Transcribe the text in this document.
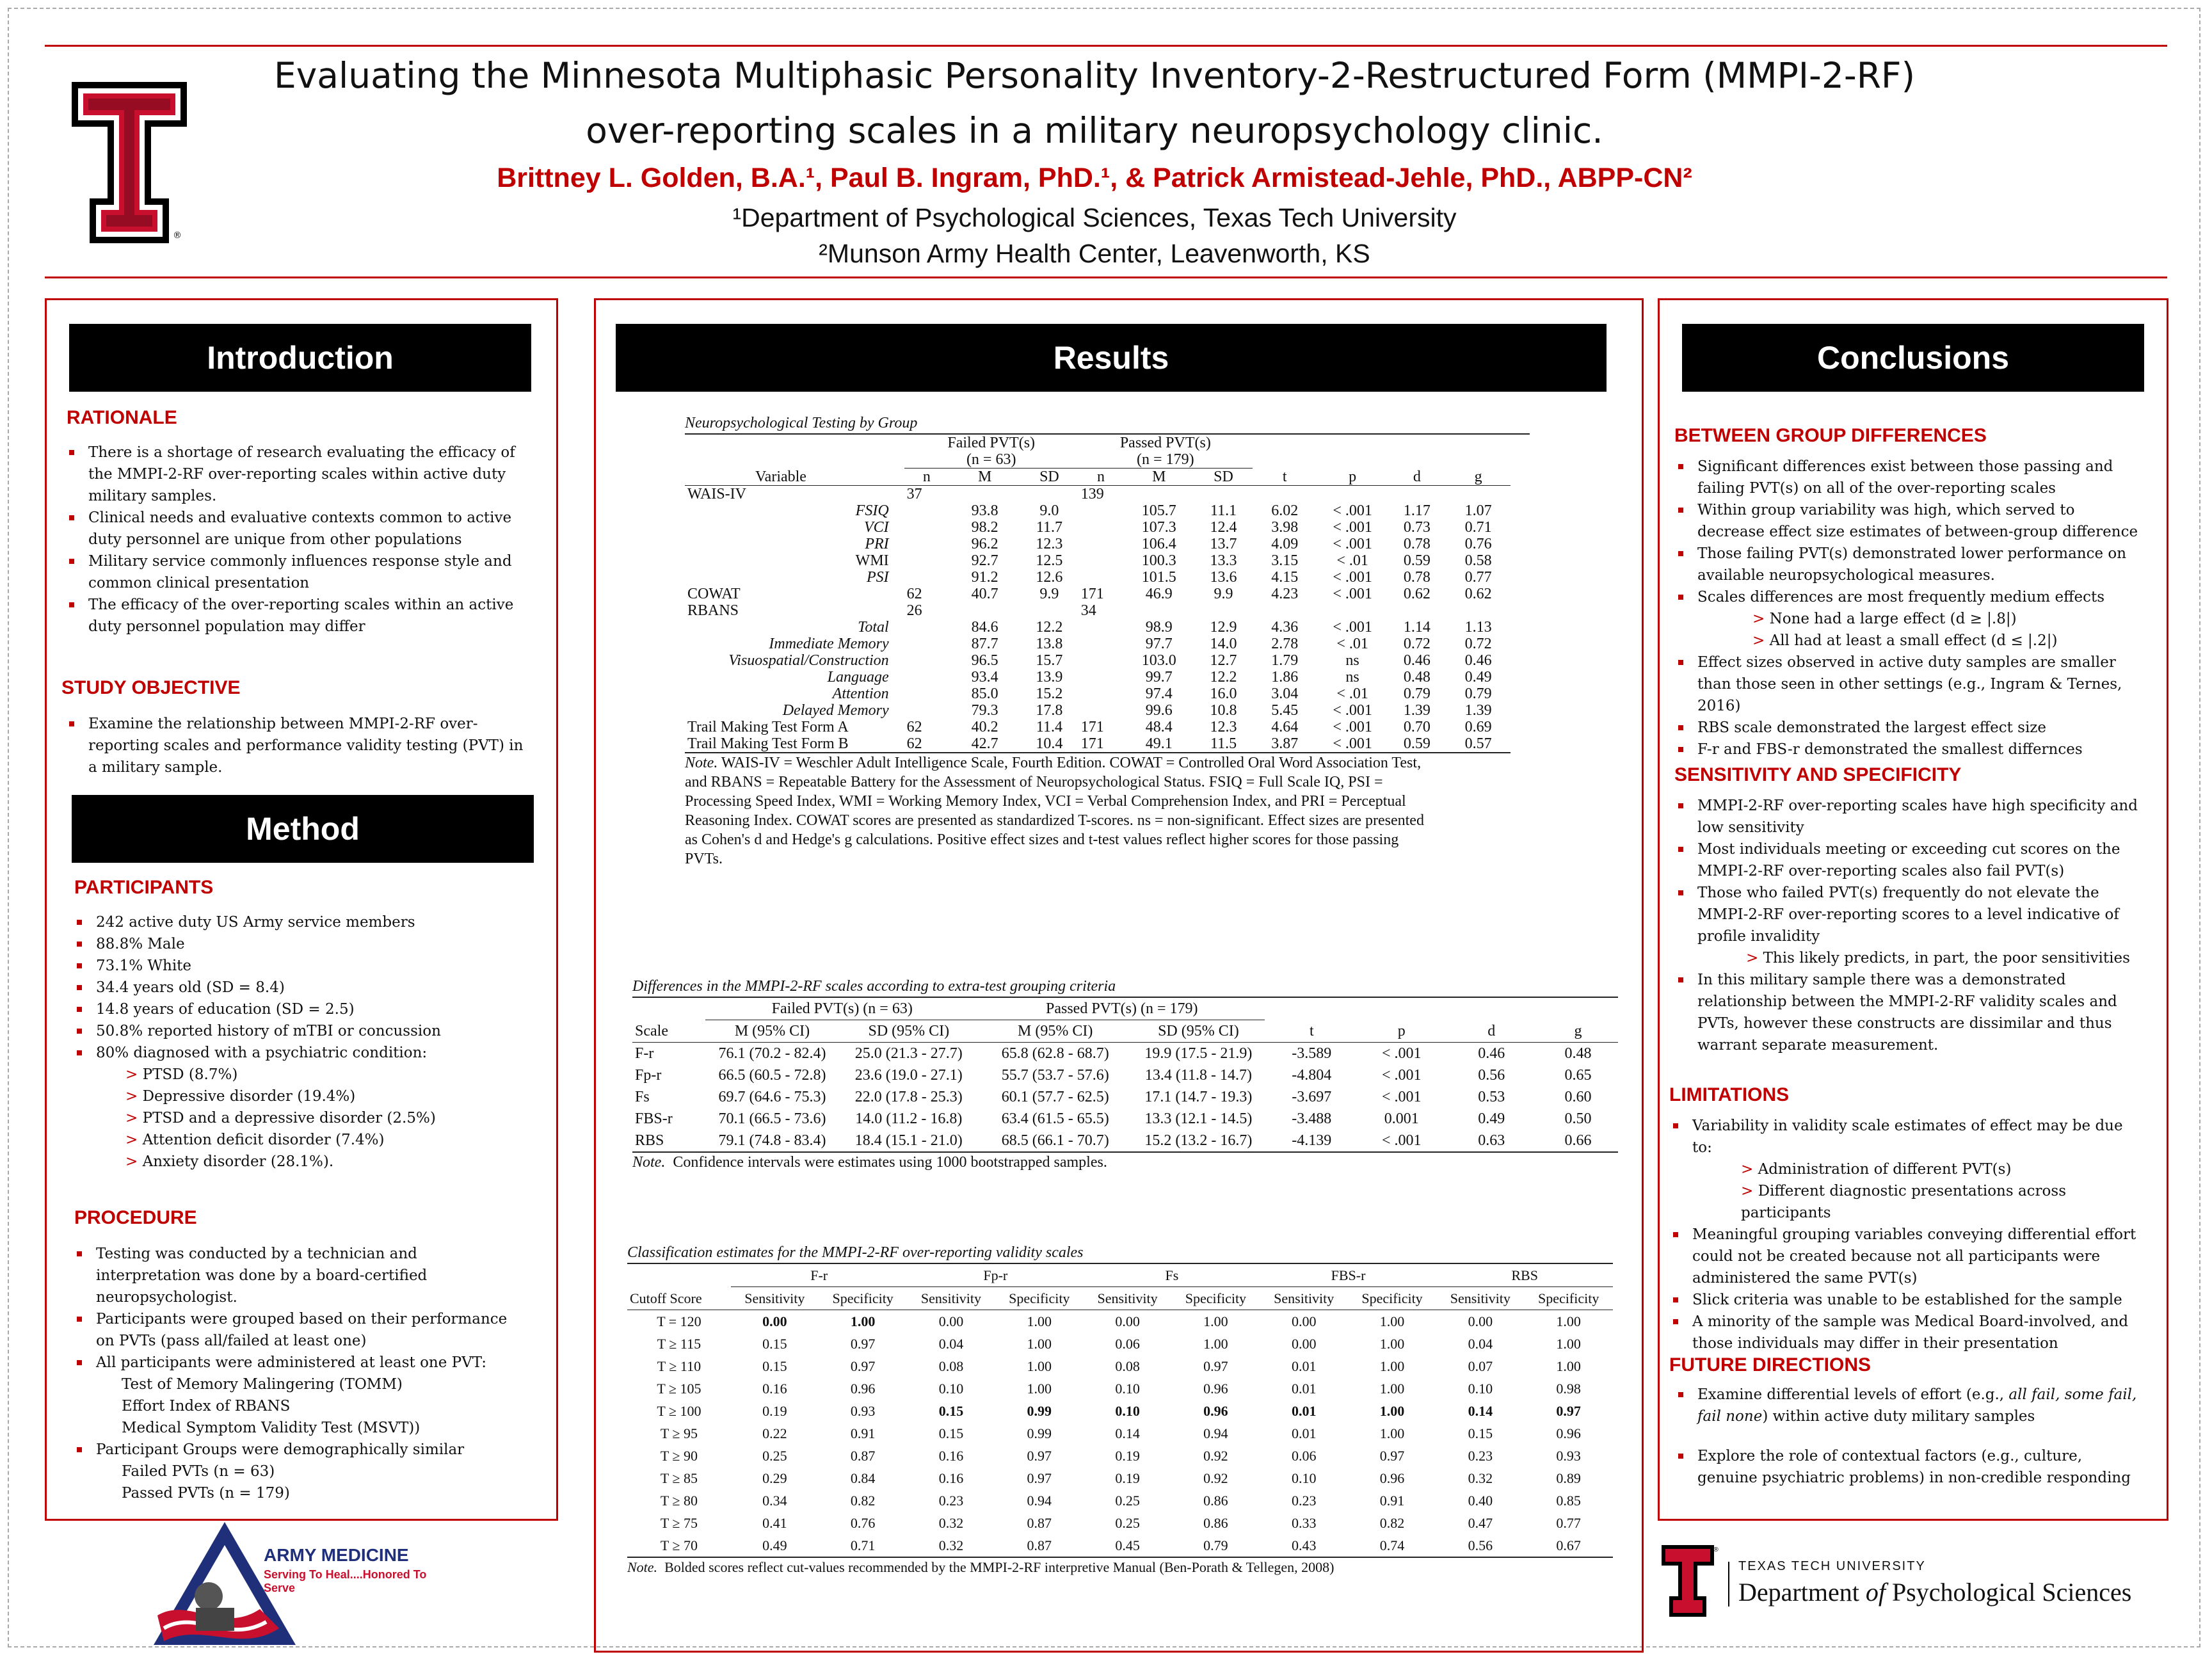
®
Evaluating the Minnesota Multiphasic Personality Inventory-2-Restructured Form (MMPI-2-RF)
over-reporting scales in a military neuropsychology clinic.
Brittney L. Golden, B.A.¹, Paul B. Ingram, PhD.¹, & Patrick Armistead-Jehle, PhD., ABPP-CN²
¹Department of Psychological Sciences, Texas Tech University
²Munson Army Health Center, Leavenworth, KS
Introduction
RATIONALE
There is a shortage of research evaluating the efficacy of the MMPI-2-RF over-reporting scales within active duty military samples.
Clinical needs and evaluative contexts common to active duty personnel are unique from other populations
Military service commonly influences response style and common clinical presentation
The efficacy of the over-reporting scales within an active duty personnel population may differ
STUDY OBJECTIVE
Examine the relationship between MMPI-2-RF over-reporting scales and performance validity testing (PVT) in a military sample.
Method
PARTICIPANTS
242 active duty US Army service members
88.8% Male
73.1% White
34.4 years old (SD = 8.4)
14.8 years of education (SD = 2.5)
50.8% reported history of mTBI or concussion
80% diagnosed with a psychiatric condition:
> PTSD (8.7%)
> Depressive disorder (19.4%)
> PTSD and a depressive disorder (2.5%)
> Attention deficit disorder (7.4%)
> Anxiety disorder (28.1%).
PROCEDURE
Testing was conducted by a technician and interpretation was done by a board-certified neuropsychologist.
Participants were grouped based on their performance on PVTs (pass all/failed at least one)
All participants were administered at least one PVT:
Test of Memory Malingering (TOMM)
Effort Index of RBANS
Medical Symptom Validity Test (MSVT))
Participant Groups were demographically similar
Failed PVTs (n = 63)
Passed PVTs (n = 179)
ARMY MEDICINE
Serving To Heal....Honored To Serve
Results
Neuropsychological Testing by Group
	Failed PVT(s)
(n = 63)			Passed PVT(s)
(n = 179)						
Variable	n	M	SD	n	M	SD	t	p	d	g
WAIS-IV	37			139						
FSIQ		93.8	9.0		105.7	11.1	6.02	< .001	1.17	1.07
VCI		98.2	11.7		107.3	12.4	3.98	< .001	0.73	0.71
PRI		96.2	12.3		106.4	13.7	4.09	< .001	0.78	0.76
WMI		92.7	12.5		100.3	13.3	3.15	< .01	0.59	0.58
PSI		91.2	12.6		101.5	13.6	4.15	< .001	0.78	0.77
COWAT	62	40.7	9.9	171	46.9	9.9	4.23	< .001	0.62	0.62
RBANS	26			34						
Total		84.6	12.2		98.9	12.9	4.36	< .001	1.14	1.13
Immediate Memory		87.7	13.8		97.7	14.0	2.78	< .01	0.72	0.72
Visuospatial/Construction		96.5	15.7		103.0	12.7	1.79	ns	0.46	0.46
Language		93.4	13.9		99.7	12.2	1.86	ns	0.48	0.49
Attention		85.0	15.2		97.4	16.0	3.04	< .01	0.79	0.79
Delayed Memory		79.3	17.8		99.6	10.8	5.45	< .001	1.39	1.39
Trail Making Test Form A	62	40.2	11.4	171	48.4	12.3	4.64	< .001	0.70	0.69
Trail Making Test Form B	62	42.7	10.4	171	49.1	11.5	3.87	< .001	0.59	0.57
Note. WAIS-IV = Weschler Adult Intelligence Scale, Fourth Edition. COWAT = Controlled Oral Word Association Test, and RBANS = Repeatable Battery for the Assessment of Neuropsychological Status. FSIQ = Full Scale IQ, PSI = Processing Speed Index, WMI = Working Memory Index, VCI = Verbal Comprehension Index, and PRI = Perceptual Reasoning Index. COWAT scores are presented as standardized T-scores. ns = non-significant. Effect sizes are presented as Cohen's d and Hedge's g calculations. Positive effect sizes and t-test values reflect higher scores for those passing PVTs.
Differences in the MMPI-2-RF scales according to extra-test grouping criteria
	Failed PVT(s) (n = 63)		Passed PVT(s) (n = 179)					
Scale	M (95% CI)	SD (95% CI)	M (95% CI)	SD (95% CI)	t	p	d	g
F-r	76.1 (70.2 - 82.4)	25.0 (21.3 - 27.7)	65.8 (62.8 - 68.7)	19.9 (17.5 - 21.9)	-3.589	< .001	0.46	0.48
Fp-r	66.5 (60.5 - 72.8)	23.6 (19.0 - 27.1)	55.7 (53.7 - 57.6)	13.4 (11.8 - 14.7)	-4.804	< .001	0.56	0.65
Fs	69.7 (64.6 - 75.3)	22.0 (17.8 - 25.3)	60.1 (57.7 - 62.5)	17.1 (14.7 - 19.3)	-3.697	< .001	0.53	0.60
FBS-r	70.1 (66.5 - 73.6)	14.0 (11.2 - 16.8)	63.4 (61.5 - 65.5)	13.3 (12.1 - 14.5)	-3.488	0.001	0.49	0.50
RBS	79.1 (74.8 - 83.4)	18.4 (15.1 - 21.0)	68.5 (66.1 - 70.7)	15.2 (13.2 - 16.7)	-4.139	< .001	0.63	0.66
Note. Confidence intervals were estimates using 1000 bootstrapped samples.
Classification estimates for the MMPI-2-RF over-reporting validity scales
	F-r		Fp-r		Fs		FBS-r		RBS	
Cutoff Score	Sensitivity	Specificity	Sensitivity	Specificity	Sensitivity	Specificity	Sensitivity	Specificity	Sensitivity	Specificity
T = 120	0.00	1.00	0.00	1.00	0.00	1.00	0.00	1.00	0.00	1.00
T ≥ 115	0.15	0.97	0.04	1.00	0.06	1.00	0.00	1.00	0.04	1.00
T ≥ 110	0.15	0.97	0.08	1.00	0.08	0.97	0.01	1.00	0.07	1.00
T ≥ 105	0.16	0.96	0.10	1.00	0.10	0.96	0.01	1.00	0.10	0.98
T ≥ 100	0.19	0.93	0.15	0.99	0.10	0.96	0.01	1.00	0.14	0.97
T ≥ 95	0.22	0.91	0.15	0.99	0.14	0.94	0.01	1.00	0.15	0.96
T ≥ 90	0.25	0.87	0.16	0.97	0.19	0.92	0.06	0.97	0.23	0.93
T ≥ 85	0.29	0.84	0.16	0.97	0.19	0.92	0.10	0.96	0.32	0.89
T ≥ 80	0.34	0.82	0.23	0.94	0.25	0.86	0.23	0.91	0.40	0.85
T ≥ 75	0.41	0.76	0.32	0.87	0.25	0.86	0.33	0.82	0.47	0.77
T ≥ 70	0.49	0.71	0.32	0.87	0.45	0.79	0.43	0.74	0.56	0.67
Note. Bolded scores reflect cut-values recommended by the MMPI-2-RF interpretive Manual (Ben-Porath & Tellegen, 2008)
Conclusions
BETWEEN GROUP DIFFERENCES
Significant differences exist between those passing and failing PVT(s) on all of the over-reporting scales
Within group variability was high, which served to decrease effect size estimates of between-group difference
Those failing PVT(s) demonstrated lower performance on available neuropsychological measures.
Scales differences are most frequently medium effects
> None had a large effect (d ≥ |.8|)
> All had at least a small effect (d ≤ |.2|)
Effect sizes observed in active duty samples are smaller than those seen in other settings (e.g., Ingram & Ternes, 2016)
RBS scale demonstrated the largest effect size
F-r and FBS-r demonstrated the smallest differnces
SENSITIVITY AND SPECIFICITY
MMPI-2-RF over-reporting scales have high specificity and low sensitivity
Most individuals meeting or exceeding cut scores on the MMPI-2-RF over-reporting scales also fail PVT(s)
Those who failed PVT(s) frequently do not elevate the MMPI-2-RF over-reporting scores to a level indicative of profile invalidity
> This likely predicts, in part, the poor sensitivities
In this military sample there was a demonstrated relationship between the MMPI-2-RF validity scales and PVTs, however these constructs are dissimilar and thus warrant separate measurement.
LIMITATIONS
Variability in validity scale estimates of effect may be due to:
> Administration of different PVT(s)
> Different diagnostic presentations across participants
Meaningful grouping variables conveying differential effort could not be created because not all participants were administered the same PVT(s)
Slick criteria was unable to be established for the sample
A minority of the sample was Medical Board-involved, and those individuals may differ in their presentation
FUTURE DIRECTIONS
Examine differential levels of effort (e.g., all fail, some fail, fail none) within active duty military samples
Explore the role of contextual factors (e.g., culture, genuine psychiatric problems) in non-credible responding
®
TEXAS TECH UNIVERSITY
Department of Psychological Sciences
